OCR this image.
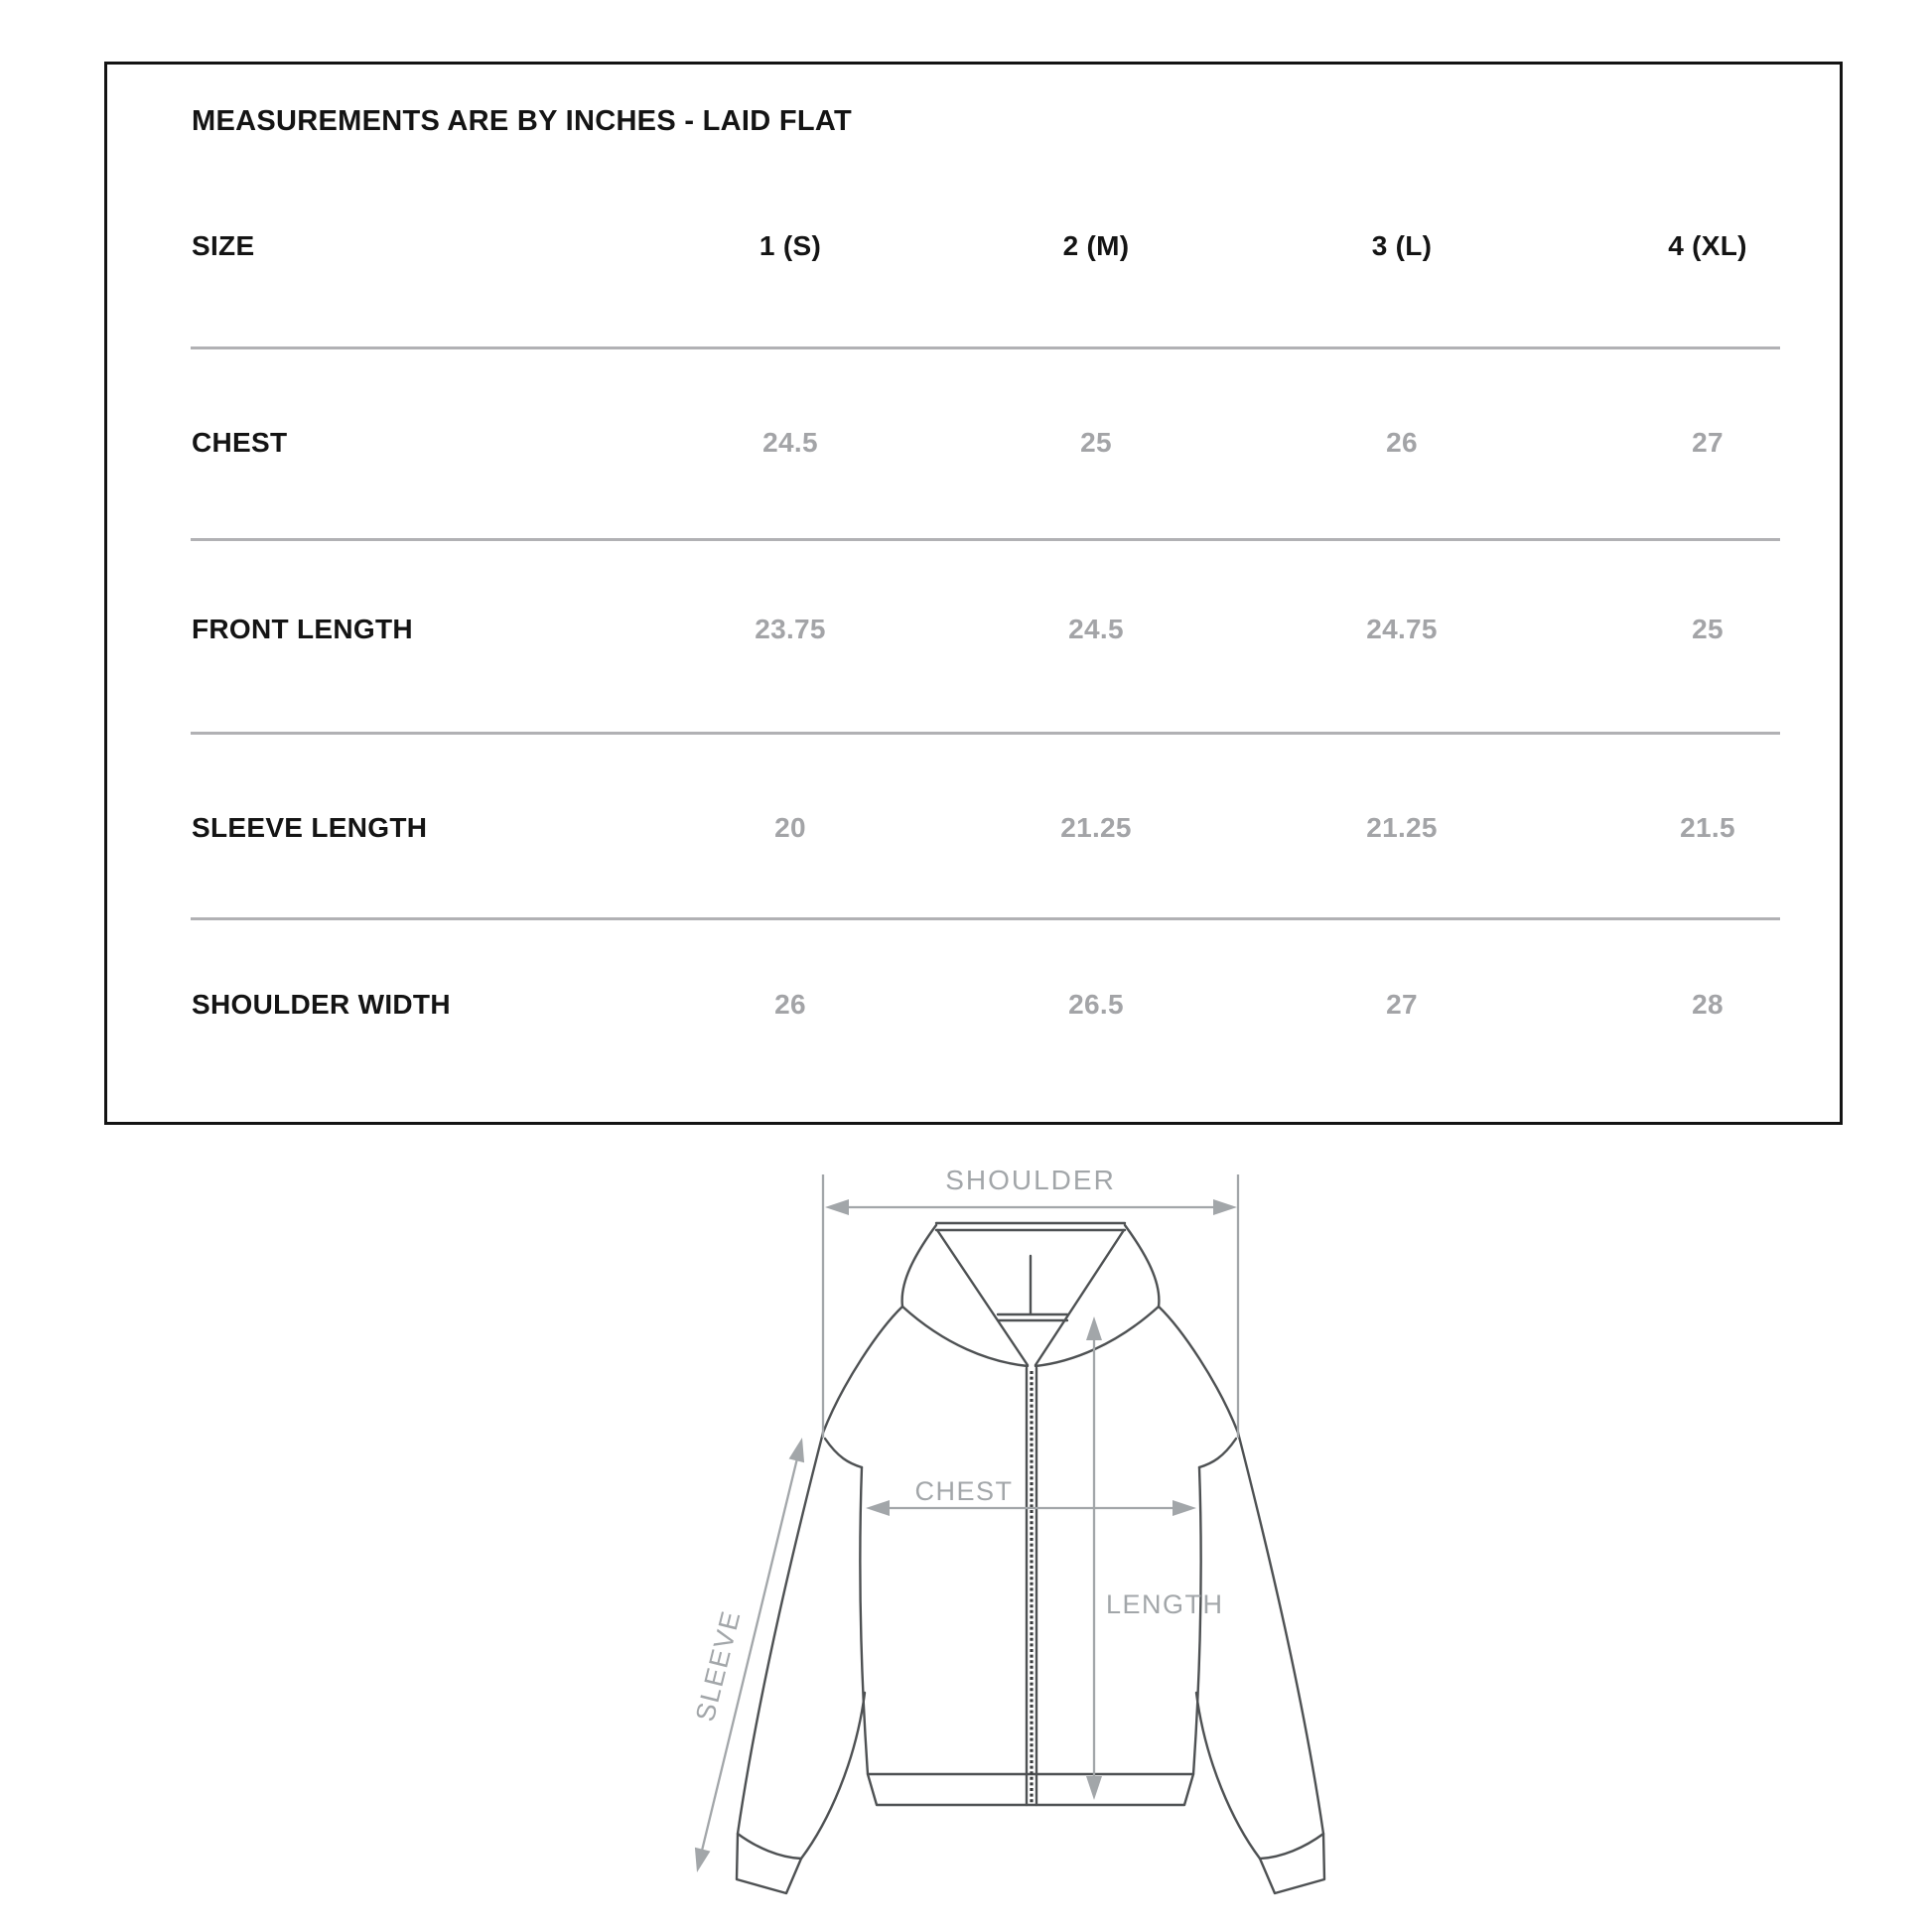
MEASUREMENTS ARE BY INCHES - LAID FLAT
SIZE	1 (S)	2 (M)	3 (L)	4 (XL)
CHEST	24.5	25	26	27
FRONT LENGTH	23.75	24.5	24.75	25
SLEEVE LENGTH	20	21.25	21.25	21.5
SHOULDER WIDTH	26	26.5	27	28
SHOULDER
CHEST
LENGTH
SLEEVE
